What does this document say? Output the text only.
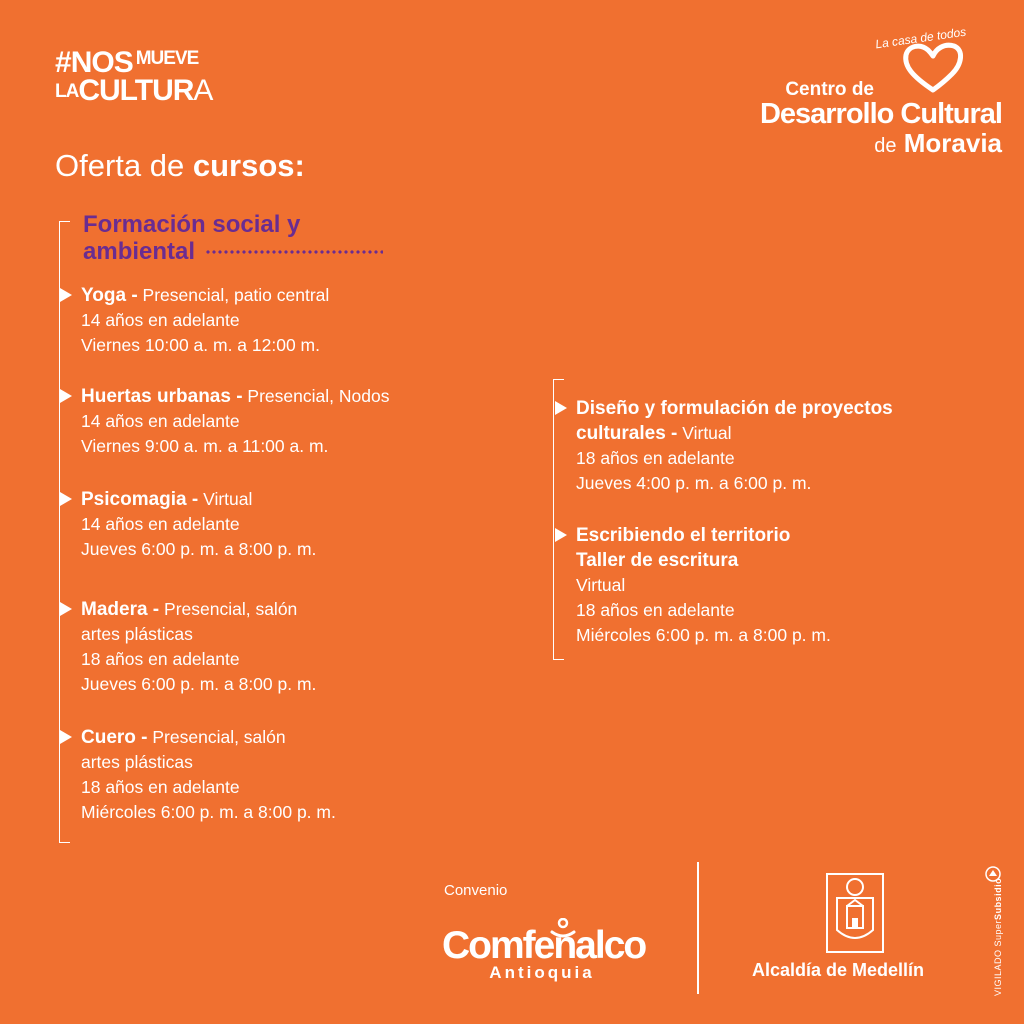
#NOS $^{MUEVE}$
LACULTURA
La casa de todos
Centro de
Desarrollo Cultural
de Moravia
Oferta de cursos:
Formación social y
ambiental
Yoga - Presencial, patio central
14 años en adelante
Viernes 10:00 a. m. a 12:00 m.
Huertas urbanas - Presencial, Nodos
14 años en adelante
Viernes 9:00 a. m. a 11:00 a. m.
Psicomagia - Virtual
14 años en adelante
Jueves 6:00 p. m. a 8:00 p. m.
Madera - Presencial, salón
artes plásticas
18 años en adelante
Jueves 6:00 p. m. a 8:00 p. m.
Cuero - Presencial, salón
artes plásticas
18 años en adelante
Miércoles 6:00 p. m. a 8:00 p. m.
Diseño y formulación de proyectos
culturales - Virtual
18 años en adelante
Jueves 4:00 p. m. a 6:00 p. m.
Escribiendo el territorio
Taller de escritura
Virtual
18 años en adelante
Miércoles 6:00 p. m. a 8:00 p. m.
Convenio
Comfenalco
Antioquia	Alcaldía de Medellín	VIGILADO SuperSubsidio
